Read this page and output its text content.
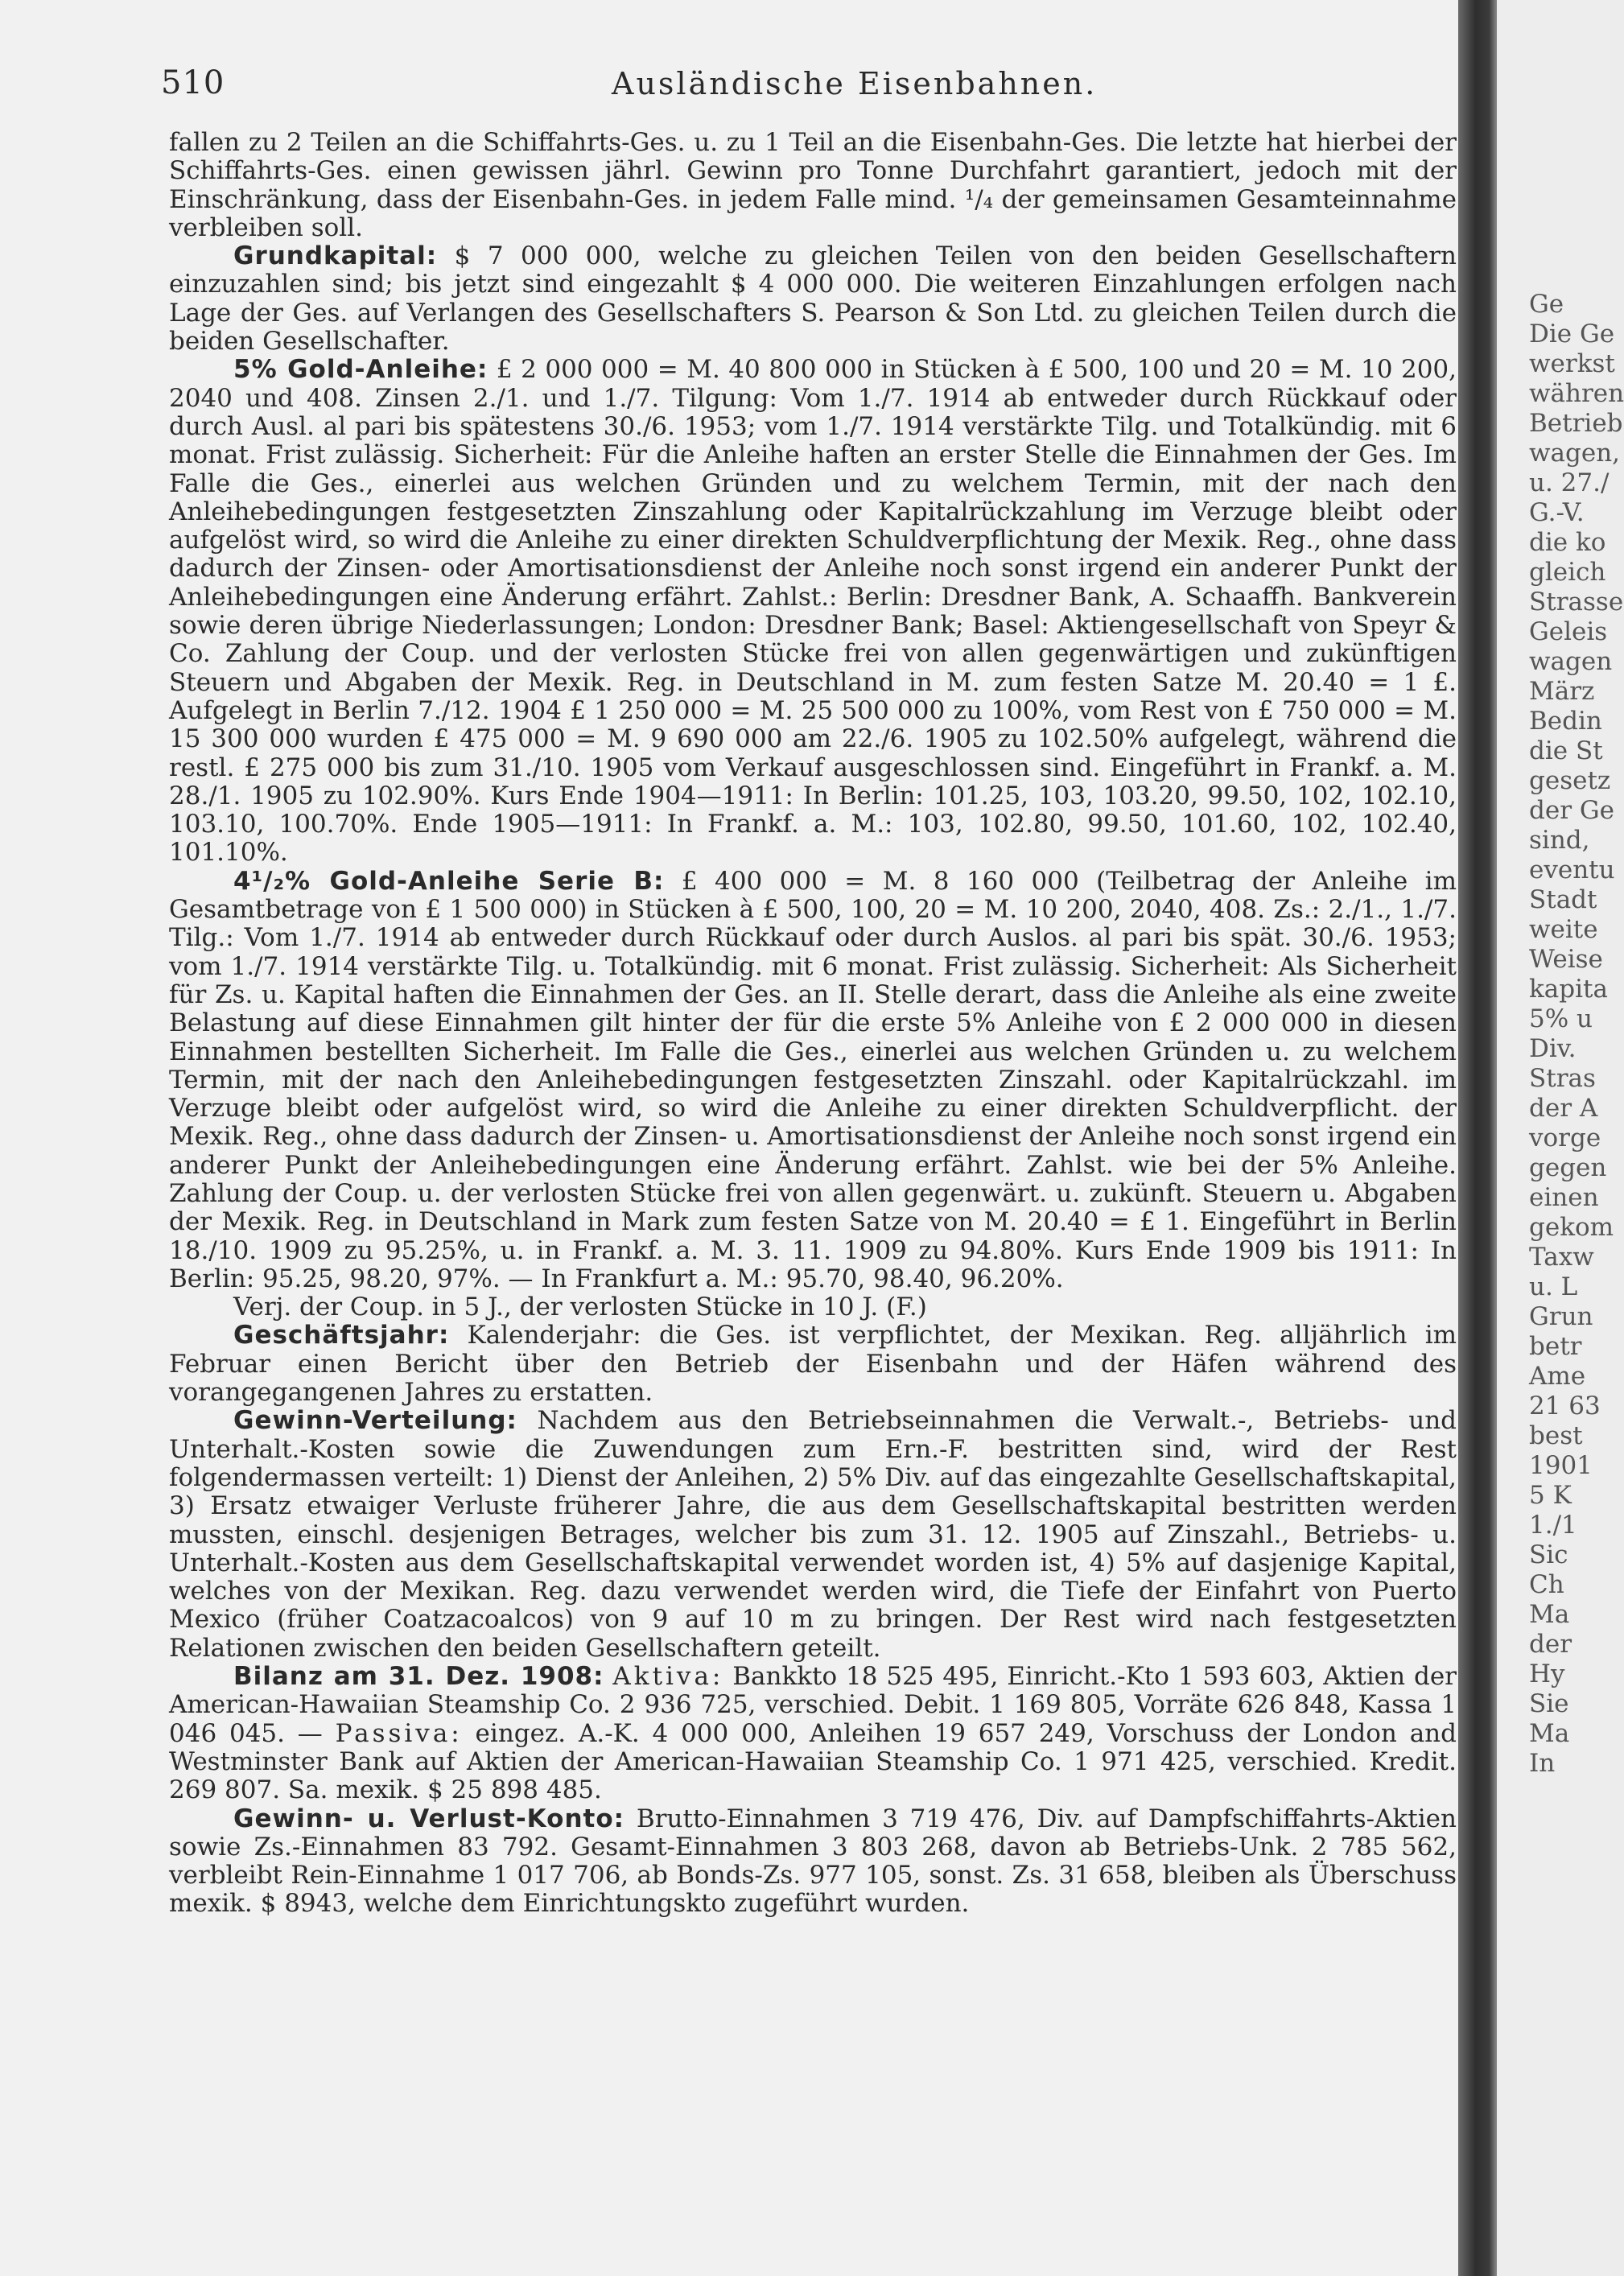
510	Ausländische Eisenbahnen.

fallen zu 2 Teilen an die Schiffahrts-Ges. u. zu 1 Teil an die Eisenbahn-Ges. Die letzte hat hierbei der Schiffahrts-Ges. einen gewissen jährl. Gewinn pro Tonne Durchfahrt garantiert, jedoch mit der Einschränkung, dass der Eisenbahn-Ges. in jedem Falle mind. ¹/₄ der gemeinsamen Gesamteinnahme verbleiben soll.

Grundkapital: $ 7 000 000, welche zu gleichen Teilen von den beiden Gesellschaftern einzuzahlen sind; bis jetzt sind eingezahlt $ 4 000 000. Die weiteren Einzahlungen erfolgen nach Lage der Ges. auf Verlangen des Gesellschafters S. Pearson & Son Ltd. zu gleichen Teilen durch die beiden Gesellschafter.

5% Gold-Anleihe: £ 2 000 000 = M. 40 800 000 in Stücken à £ 500, 100 und 20 = M. 10 200, 2040 und 408. Zinsen 2./1. und 1./7. Tilgung: Vom 1./7. 1914 ab entweder durch Rückkauf oder durch Ausl. al pari bis spätestens 30./6. 1953; vom 1./7. 1914 verstärkte Tilg. und Totalkündig. mit 6 monat. Frist zulässig. Sicherheit: Für die Anleihe haften an erster Stelle die Einnahmen der Ges. Im Falle die Ges., einerlei aus welchen Gründen und zu welchem Termin, mit der nach den Anleihebedingungen festgesetzten Zinszahlung oder Kapitalrückzahlung im Verzuge bleibt oder aufgelöst wird, so wird die Anleihe zu einer direkten Schuldverpflichtung der Mexik. Reg., ohne dass dadurch der Zinsen- oder Amortisationsdienst der Anleihe noch sonst irgend ein anderer Punkt der Anleihebedingungen eine Änderung erfährt. Zahlst.: Berlin: Dresdner Bank, A. Schaaffh. Bankverein sowie deren übrige Niederlassungen; London: Dresdner Bank; Basel: Aktiengesellschaft von Speyr & Co. Zahlung der Coup. und der verlosten Stücke frei von allen gegenwärtigen und zukünftigen Steuern und Abgaben der Mexik. Reg. in Deutschland in M. zum festen Satze M. 20.40 = 1 £. Aufgelegt in Berlin 7./12. 1904 £ 1 250 000 = M. 25 500 000 zu 100%, vom Rest von £ 750 000 = M. 15 300 000 wurden £ 475 000 = M. 9 690 000 am 22./6. 1905 zu 102.50% aufgelegt, während die restl. £ 275 000 bis zum 31./10. 1905 vom Verkauf ausgeschlossen sind. Eingeführt in Frankf. a. M. 28./1. 1905 zu 102.90%. Kurs Ende 1904—1911: In Berlin: 101.25, 103, 103.20, 99.50, 102, 102.10, 103.10, 100.70%. Ende 1905—1911: In Frankf. a. M.: 103, 102.80, 99.50, 101.60, 102, 102.40, 101.10%.

4¹/₂% Gold-Anleihe Serie B: £ 400 000 = M. 8 160 000 (Teilbetrag der Anleihe im Gesamtbetrage von £ 1 500 000) in Stücken à £ 500, 100, 20 = M. 10 200, 2040, 408. Zs.: 2./1., 1./7. Tilg.: Vom 1./7. 1914 ab entweder durch Rückkauf oder durch Auslos. al pari bis spät. 30./6. 1953; vom 1./7. 1914 verstärkte Tilg. u. Totalkündig. mit 6 monat. Frist zulässig. Sicherheit: Als Sicherheit für Zs. u. Kapital haften die Einnahmen der Ges. an II. Stelle derart, dass die Anleihe als eine zweite Belastung auf diese Einnahmen gilt hinter der für die erste 5% Anleihe von £ 2 000 000 in diesen Einnahmen bestellten Sicherheit. Im Falle die Ges., einerlei aus welchen Gründen u. zu welchem Termin, mit der nach den Anleihebedingungen festgesetzten Zinszahl. oder Kapitalrückzahl. im Verzuge bleibt oder aufgelöst wird, so wird die Anleihe zu einer direkten Schuldverpflicht. der Mexik. Reg., ohne dass dadurch der Zinsen- u. Amortisationsdienst der Anleihe noch sonst irgend ein anderer Punkt der Anleihebedingungen eine Änderung erfährt. Zahlst. wie bei der 5% Anleihe. Zahlung der Coup. u. der verlosten Stücke frei von allen gegenwärt. u. zukünft. Steuern u. Abgaben der Mexik. Reg. in Deutschland in Mark zum festen Satze von M. 20.40 = £ 1. Eingeführt in Berlin 18./10. 1909 zu 95.25%, u. in Frankf. a. M. 3. 11. 1909 zu 94.80%. Kurs Ende 1909 bis 1911: In Berlin: 95.25, 98.20, 97%. — In Frankfurt a. M.: 95.70, 98.40, 96.20%.

Verj. der Coup. in 5 J., der verlosten Stücke in 10 J. (F.)

Geschäftsjahr: Kalenderjahr: die Ges. ist verpflichtet, der Mexikan. Reg. alljährlich im Februar einen Bericht über den Betrieb der Eisenbahn und der Häfen während des vorangegangenen Jahres zu erstatten.

Gewinn-Verteilung: Nachdem aus den Betriebseinnahmen die Verwalt.-, Betriebs- und Unterhalt.-Kosten sowie die Zuwendungen zum Ern.-F. bestritten sind, wird der Rest folgendermassen verteilt: 1) Dienst der Anleihen, 2) 5% Div. auf das eingezahlte Gesellschaftskapital, 3) Ersatz etwaiger Verluste früherer Jahre, die aus dem Gesellschaftskapital bestritten werden mussten, einschl. desjenigen Betrages, welcher bis zum 31. 12. 1905 auf Zinszahl., Betriebs- u. Unterhalt.-Kosten aus dem Gesellschaftskapital verwendet worden ist, 4) 5% auf dasjenige Kapital, welches von der Mexikan. Reg. dazu verwendet werden wird, die Tiefe der Einfahrt von Puerto Mexico (früher Coatzacoalcos) von 9 auf 10 m zu bringen. Der Rest wird nach festgesetzten Relationen zwischen den beiden Gesellschaftern geteilt.

Bilanz am 31. Dez. 1908: Aktiva: Bankkto 18 525 495, Einricht.-Kto 1 593 603, Aktien der American-Hawaiian Steamship Co. 2 936 725, verschied. Debit. 1 169 805, Vorräte 626 848, Kassa 1 046 045. — Passiva: eingez. A.-K. 4 000 000, Anleihen 19 657 249, Vorschuss der London and Westminster Bank auf Aktien der American-Hawaiian Steamship Co. 1 971 425, verschied. Kredit. 269 807. Sa. mexik. $ 25 898 485.

Gewinn- u. Verlust-Konto: Brutto-Einnahmen 3 719 476, Div. auf Dampfschiffahrts-Aktien sowie Zs.-Einnahmen 83 792. Gesamt-Einnahmen 3 803 268, davon ab Betriebs-Unk. 2 785 562, verbleibt Rein-Einnahme 1 017 706, ab Bonds-Zs. 977 105, sonst. Zs. 31 658, bleiben als Überschuss mexik. $ 8943, welche dem Einrichtungskto zugeführt wurden.

Ge
Die Ge
werkst
währen
Betrieb
wagen,
u. 27./
G.-V.
die ko
gleich
Strasse
Geleis
wagen
März
Bedin
die St
gesetz
der Ge
sind,
eventu
Stadt
weite
Weise
kapita
5% u
Div.
Stras
der A
vorge
gegen
einen
gekom
Taxw
u. L
Grun
betr
Ame
21 63
best
1901
5 K
1./1
Sic
Ch
Ma
der
Hy
Sie
Ma
In
